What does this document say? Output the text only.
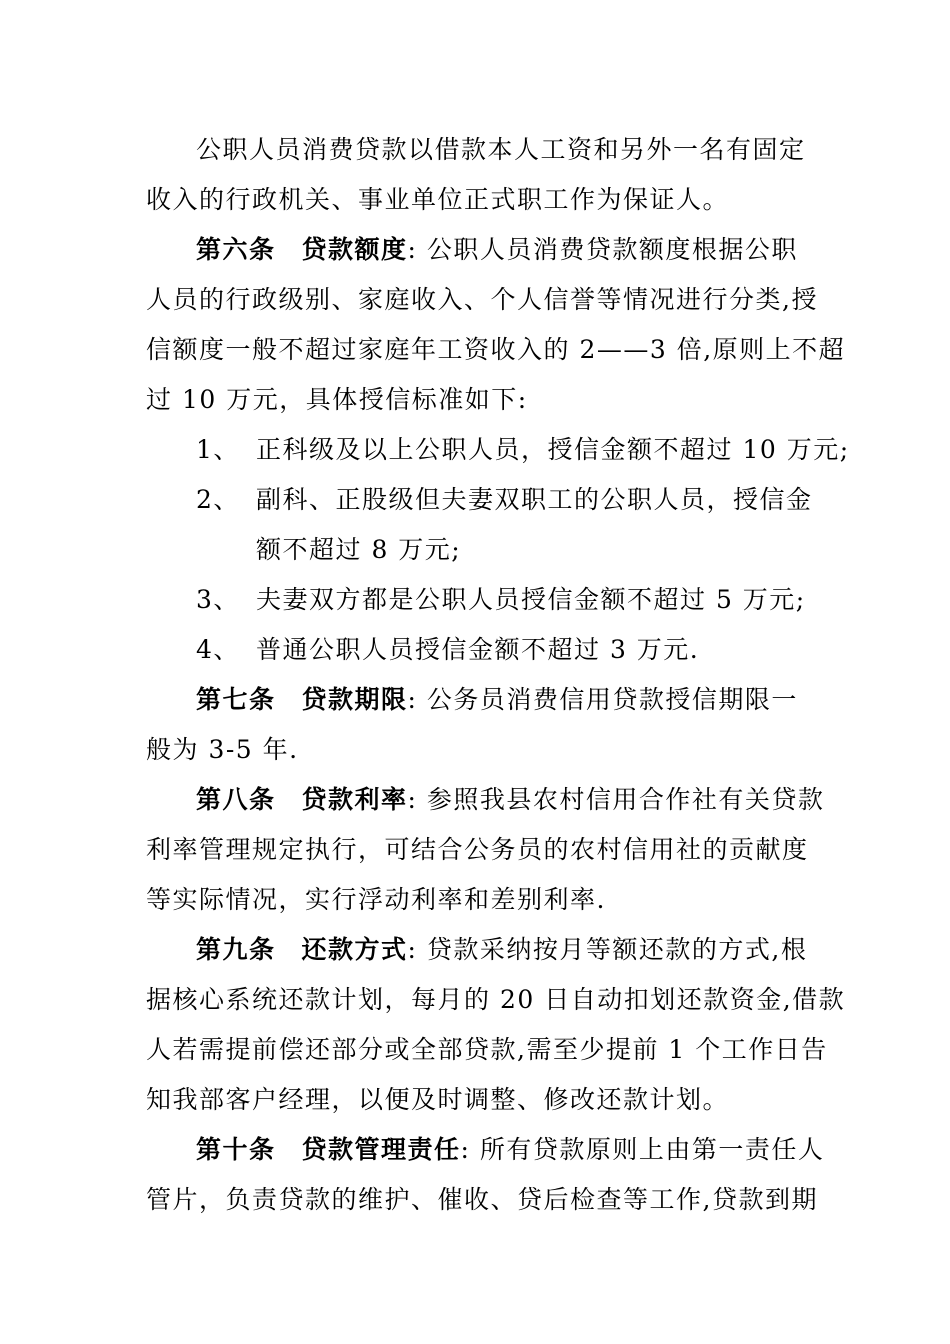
公职人员消费贷款以借款本人工资和另外一名有固定
收入的行政机关、事业单位正式职工作为保证人。
第六条 贷款额度: 公职人员消费贷款额度根据公职
人员的行政级别、家庭收入、个人信誉等情况进行分类,授
信额度一般不超过家庭年工资收入的 2——3 倍,原则上不超
过 10 万元，具体授信标准如下:
1、 正科级及以上公职人员，授信金额不超过 10 万元;
2、 副科、正股级但夫妻双职工的公职人员，授信金
额不超过 8 万元;
3、 夫妻双方都是公职人员授信金额不超过 5 万元;
4、 普通公职人员授信金额不超过 3 万元.
第七条 贷款期限: 公务员消费信用贷款授信期限一
般为 3-5 年.
第八条 贷款利率: 参照我县农村信用合作社有关贷款
利率管理规定执行，可结合公务员的农村信用社的贡献度
等实际情况，实行浮动利率和差别利率.
第九条 还款方式: 贷款采纳按月等额还款的方式,根
据核心系统还款计划，每月的 20 日自动扣划还款资金,借款
人若需提前偿还部分或全部贷款,需至少提前 1 个工作日告
知我部客户经理，以便及时调整、修改还款计划。
第十条 贷款管理责任: 所有贷款原则上由第一责任人
管片，负责贷款的维护、催收、贷后检查等工作,贷款到期
